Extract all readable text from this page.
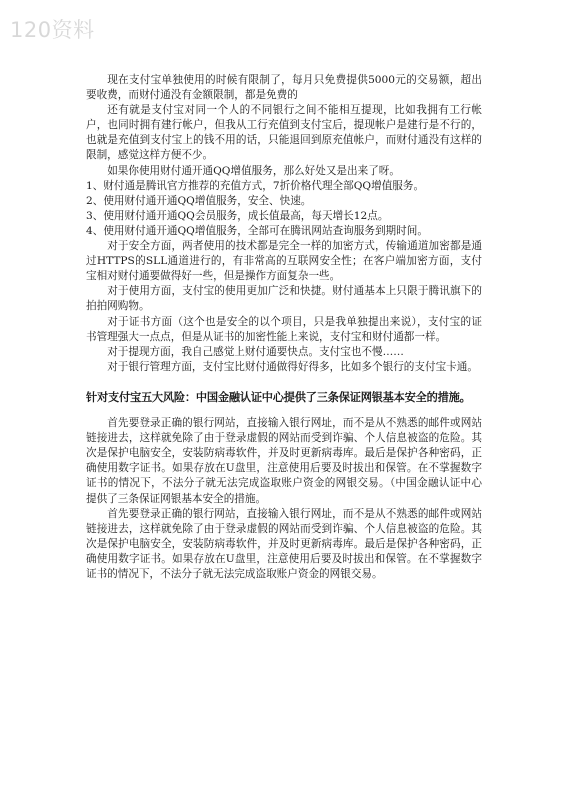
120资料

现在支付宝单独使用的时候有限制了，每月只免费提供5000元的交易额，超出要收费，而财付通没有金额限制，都是免费的

还有就是支付宝对同一个人的不同银行之间不能相互提现，比如我拥有工行帐户，也同时拥有建行帐户，但我从工行充值到支付宝后，提现帐户是建行是不行的，也就是充值到支付宝上的钱不用的话，只能退回到原充值帐户，而财付通没有这样的限制，感觉这样方便不少。

如果你使用财付通开通QQ增值服务，那么好处又是出来了呀。

1、财付通是腾讯官方推荐的充值方式，7折价格代理全部QQ增值服务。

2、使用财付通开通QQ增值服务，安全、快速。

3、使用财付通开通QQ会员服务，成长值最高，每天增长12点。

4、使用财付通开通QQ增值服务，全部可在腾讯网站查询服务到期时间。

对于安全方面，两者使用的技术都是完全一样的加密方式，传输通道加密都是通过HTTPS的SLL通道进行的，有非常高的互联网安全性；在客户端加密方面，支付宝相对财付通要做得好一些，但是操作方面复杂一些。

对于使用方面，支付宝的使用更加广泛和快捷。财付通基本上只限于腾讯旗下的拍拍网购物。

对于证书方面（这个也是安全的以个项目，只是我单独提出来说），支付宝的证书管理强大一点点，但是从证书的加密性能上来说，支付宝和财付通都一样。

对于提现方面，我自己感觉上财付通要快点。支付宝也不慢……

对于银行管理方面，支付宝比财付通做得好得多，比如多个银行的支付宝卡通。

针对支付宝五大风险：中国金融认证中心提供了三条保证网银基本安全的措施。

首先要登录正确的银行网站，直接输入银行网址，而不是从不熟悉的邮件或网站链接进去，这样就免除了由于登录虚假的网站而受到诈骗、个人信息被盗的危险。其次是保护电脑安全，安装防病毒软件，并及时更新病毒库。最后是保护各种密码，正确使用数字证书。如果存放在U盘里，注意使用后要及时拔出和保管。在不掌握数字证书的情况下，不法分子就无法完成盗取账户资金的网银交易。（中国金融认证中心提供了三条保证网银基本安全的措施。

首先要登录正确的银行网站，直接输入银行网址，而不是从不熟悉的邮件或网站链接进去，这样就免除了由于登录虚假的网站而受到诈骗、个人信息被盗的危险。其次是保护电脑安全，安装防病毒软件，并及时更新病毒库。最后是保护各种密码，正确使用数字证书。如果存放在U盘里，注意使用后要及时拔出和保管。在不掌握数字证书的情况下，不法分子就无法完成盗取账户资金的网银交易。
